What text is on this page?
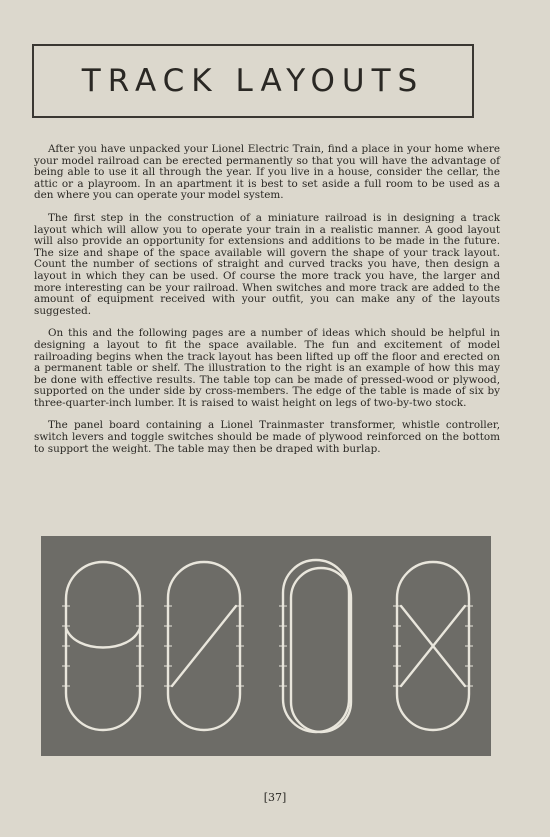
TRACK LAYOUTS

After you have unpacked your Lionel Electric Train, find a place in your home where your model railroad can be erected permanently so that you will have the advantage of being able to use it all through the year. If you live in a house, consider the cellar, the attic or a playroom. In an apartment it is best to set aside a full room to be used as a den where you can operate your model system.

The first step in the construction of a miniature railroad is in designing a track layout which will allow you to operate your train in a realistic manner. A good layout will also provide an opportunity for extensions and additions to be made in the future. The size and shape of the space available will govern the shape of your track layout. Count the number of sections of straight and curved tracks you have, then design a layout in which they can be used. Of course the more track you have, the larger and more interesting can be your railroad. When switches and more track are added to the amount of equipment received with your outfit, you can make any of the layouts suggested.

On this and the following pages are a number of ideas which should be helpful in designing a layout to fit the space available. The fun and excitement of model railroading begins when the track layout has been lifted up off the floor and erected on a permanent table or shelf. The illustration to the right is an example of how this may be done with effective results. The table top can be made of pressed-wood or plywood, supported on the under side by cross-members. The edge of the table is made of six by three-quarter-inch lumber. It is raised to waist height on legs of two-by-two stock.

The panel board containing a Lionel Trainmaster transformer, whistle controller, switch levers and toggle switches should be made of plywood reinforced on the bottom to support the weight. The table may then be draped with burlap.

[37]
